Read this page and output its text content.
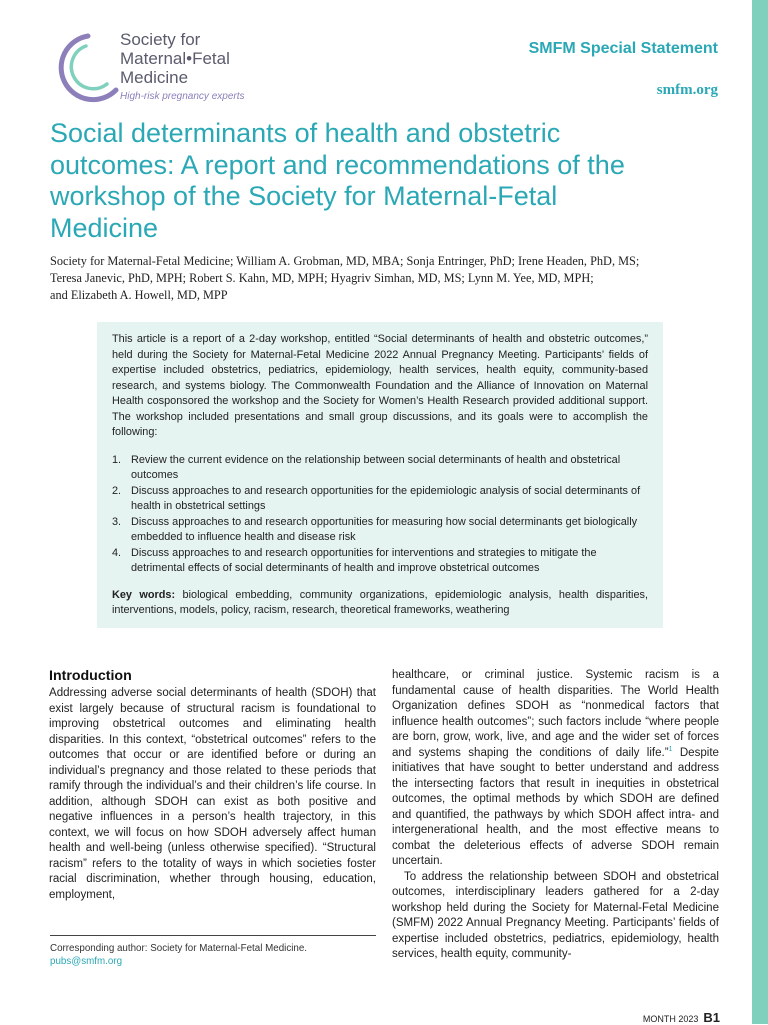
Society for
Maternal•Fetal
Medicine
High-risk pregnancy experts
SMFM Special Statement
smfm.org
Social determinants of health and obstetric outcomes: A report and recommendations of the workshop of the Society for Maternal-Fetal Medicine
Society for Maternal-Fetal Medicine; William A. Grobman, MD, MBA; Sonja Entringer, PhD; Irene Headen, PhD, MS;
Teresa Janevic, PhD, MPH; Robert S. Kahn, MD, MPH; Hyagriv Simhan, MD, MS; Lynn M. Yee, MD, MPH;
and Elizabeth A. Howell, MD, MPP

This article is a report of a 2-day workshop, entitled “Social determinants of health and obstetric outcomes,” held during the Society for Maternal-Fetal Medicine 2022 Annual Pregnancy Meeting. Participants’ fields of expertise included obstetrics, pediatrics, epidemiology, health services, health equity, community-based research, and systems biology. The Commonwealth Foundation and the Alliance of Innovation on Maternal Health cosponsored the workshop and the Society for Women’s Health Research provided additional support. The workshop included presentations and small group discussions, and its goals were to accomplish the following:

1. Review the current evidence on the relationship between social determinants of health and obstetrical outcomes
2. Discuss approaches to and research opportunities for the epidemiologic analysis of social determinants of health in obstetrical settings
3. Discuss approaches to and research opportunities for measuring how social determinants get biologically embedded to influence health and disease risk
4. Discuss approaches to and research opportunities for interventions and strategies to mitigate the detrimental effects of social determinants of health and improve obstetrical outcomes

Key words: biological embedding, community organizations, epidemiologic analysis, health disparities, interventions, models, policy, racism, research, theoretical frameworks, weathering

Introduction

Addressing adverse social determinants of health (SDOH) that exist largely because of structural racism is foundational to improving obstetrical outcomes and eliminating health disparities. In this context, “obstetrical outcomes” refers to the outcomes that occur or are identified before or during an individual’s pregnancy and those related to these periods that ramify through the individual’s and their children’s life course. In addition, although SDOH can exist as both positive and negative influences in a person’s health trajectory, in this context, we will focus on how SDOH adversely affect human health and well-being (unless otherwise specified). “Structural racism” refers to the totality of ways in which societies foster racial discrimination, whether through housing, education, employment,

healthcare, or criminal justice. Systemic racism is a fundamental cause of health disparities. The World Health Organization defines SDOH as “nonmedical factors that influence health outcomes”; such factors include “where people are born, grow, work, live, and age and the wider set of forces and systems shaping the conditions of daily life.”$^1$ Despite initiatives that have sought to better understand and address the intersecting factors that result in inequities in obstetrical outcomes, the optimal methods by which SDOH are defined and quantified, the pathways by which SDOH affect intra- and intergenerational health, and the most effective means to combat the deleterious effects of adverse SDOH remain uncertain.

To address the relationship between SDOH and obstetrical outcomes, interdisciplinary leaders gathered for a 2-day workshop held during the Society for Maternal-Fetal Medicine (SMFM) 2022 Annual Pregnancy Meeting. Participants’ fields of expertise included obstetrics, pediatrics, epidemiology, health services, health equity, community-

Corresponding author: Society for Maternal-Fetal Medicine. pubs@smfm.org
MONTH 2023 B1
